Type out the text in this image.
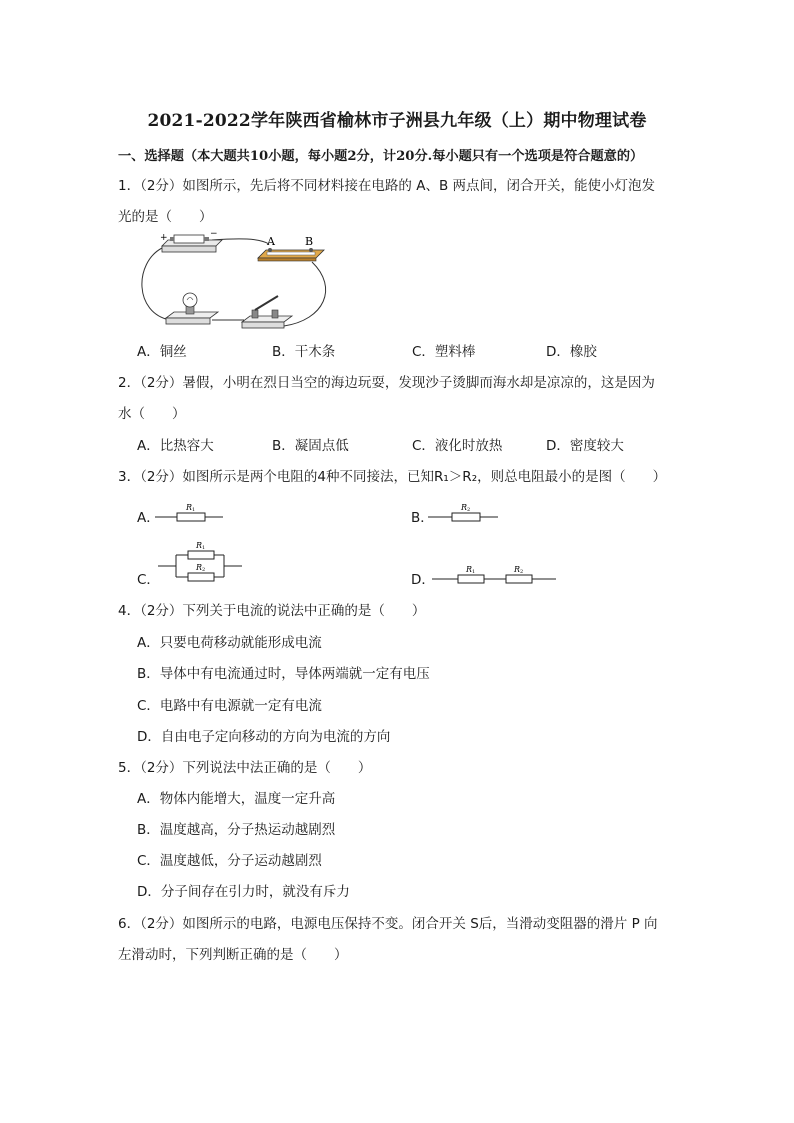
2021-2022学年陕西省榆林市子洲县九年级（上）期中物理试卷
一、选择题（本大题共10小题，每小题2分，计20分.每小题只有一个选项是符合题意的）
1．（2分）如图所示，先后将不同材料接在电路的 A、B 两点间，闭合开关，能使小灯泡发
光的是（　　）
+	−
A	B
A．铜丝	B．干木条	C．塑料棒	D．橡胶
2．（2分）暑假，小明在烈日当空的海边玩耍，发现沙子烫脚而海水却是凉凉的，这是因为
水（　　）
A．比热容大	B．凝固点低	C．液化时放热	D．密度较大
3．（2分）如图所示是两个电阻的4种不同接法，已知R₁＞R₂，则总电阻最小的是图（　　）
A．
R 1	B．
R 2
C．
R 1
R 2
D．
R 1	R 2
4．（2分）下列关于电流的说法中正确的是（　　）
A．只要电荷移动就能形成电流
B．导体中有电流通过时，导体两端就一定有电压
C．电路中有电源就一定有电流
D．自由电子定向移动的方向为电流的方向
5．（2分）下列说法中法正确的是（　　）
A．物体内能增大，温度一定升高
B．温度越高，分子热运动越剧烈
C．温度越低，分子运动越剧烈
D．分子间存在引力时，就没有斥力
6．（2分）如图所示的电路，电源电压保持不变。闭合开关 S后，当滑动变阻器的滑片 P 向
左滑动时，下列判断正确的是（　　）
